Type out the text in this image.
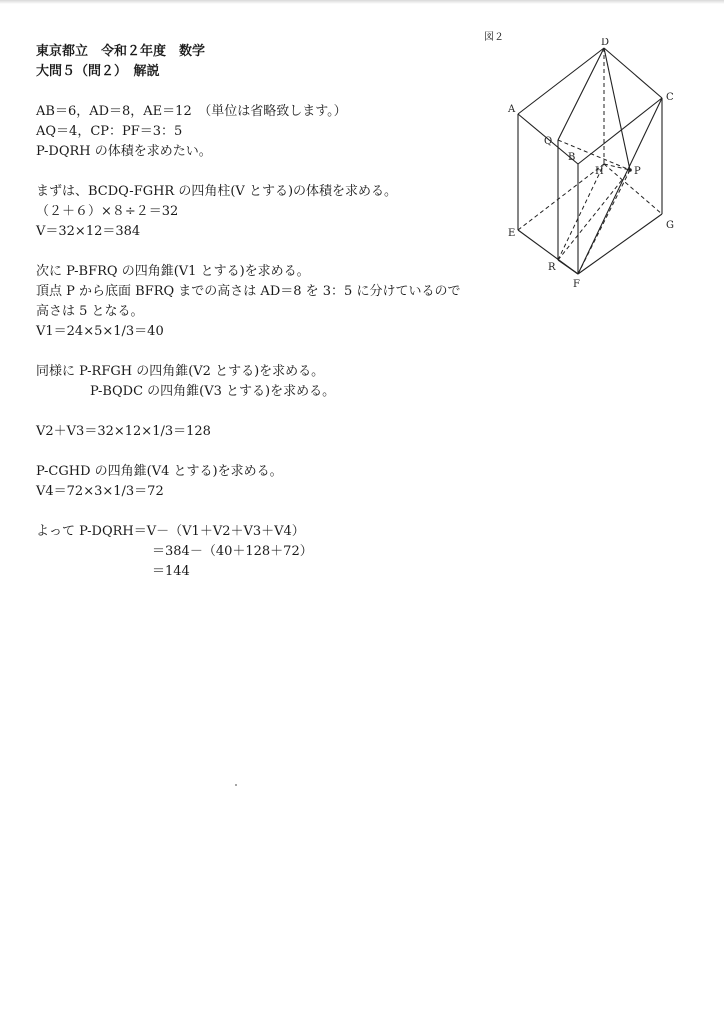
東京都立　令和２年度　数学
大問５（問２）　解説
AB＝6，AD＝8，AE＝12　（単位は省略致します。）
AQ＝4，CP：PF＝3：5
P-DQRH の体積を求めたい。
まずは、BCDQ-FGHR の四角柱(V とする)の体積を求める。
（２＋６）×８÷２＝32
V＝32×12＝384
次に P-BFRQ の四角錐(V1 とする)を求める。
頂点 P から底面 BFRQ までの高さは AD＝8 を 3：5 に分けているので
高さは 5 となる。
V1＝24×5×1/3＝40
同様に P-RFGH の四角錐(V2 とする)を求める。
P-BQDC の四角錐(V3 とする)を求める。
V2＋V3＝32×12×1/3＝128
P-CGHD の四角錐(V4 とする)を求める。
V4＝72×3×1/3＝72
よって P-DQRH＝V－（V1＋V2＋V3＋V4）
＝384－（40＋128＋72）
＝144
図２	D
A
C
Q
B
H	P
E
G
R
F
